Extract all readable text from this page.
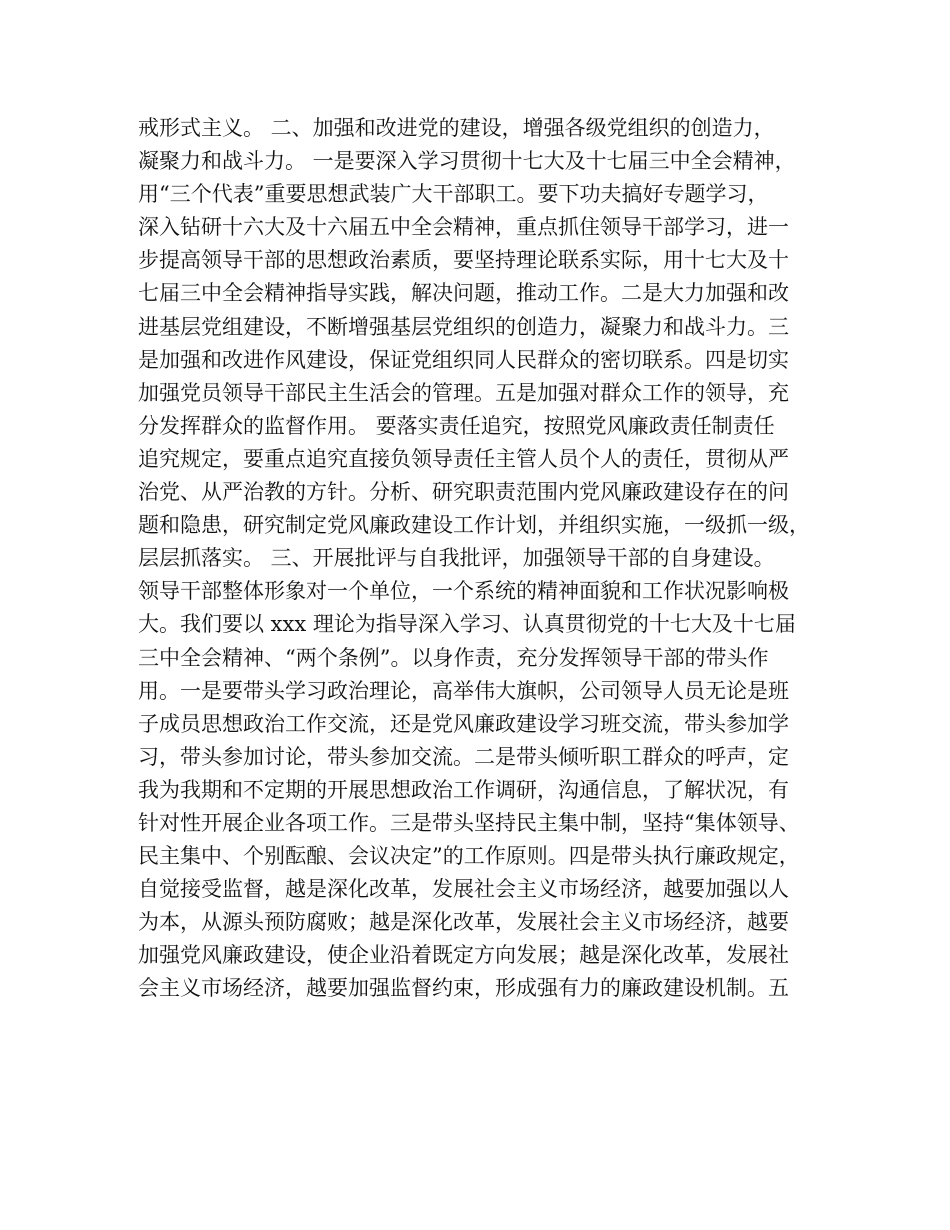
戒形式主义。 二、加强和改进党的建设，增强各级党组织的创造力，
凝聚力和战斗力。 一是要深入学习贯彻十七大及十七届三中全会精神，
用“三个代表”重要思想武装广大干部职工。要下功夫搞好专题学习，
深入钻研十六大及十六届五中全会精神，重点抓住领导干部学习，进一
步提高领导干部的思想政治素质，要坚持理论联系实际，用十七大及十
七届三中全会精神指导实践，解决问题，推动工作。二是大力加强和改
进基层党组建设，不断增强基层党组织的创造力，凝聚力和战斗力。三
是加强和改进作风建设，保证党组织同人民群众的密切联系。四是切实
加强党员领导干部民主生活会的管理。五是加强对群众工作的领导，充
分发挥群众的监督作用。 要落实责任追究，按照党风廉政责任制责任
追究规定，要重点追究直接负领导责任主管人员个人的责任，贯彻从严
治党、从严治教的方针。分析、研究职责范围内党风廉政建设存在的问
题和隐患，研究制定党风廉政建设工作计划，并组织实施，一级抓一级，
层层抓落实。 三、开展批评与自我批评，加强领导干部的自身建设。
领导干部整体形象对一个单位，一个系统的精神面貌和工作状况影响极
大。我们要以 xxx 理论为指导深入学习、认真贯彻党的十七大及十七届
三中全会精神、“两个条例”。以身作责，充分发挥领导干部的带头作
用。一是要带头学习政治理论，高举伟大旗帜，公司领导人员无论是班
子成员思想政治工作交流，还是党风廉政建设学习班交流，带头参加学
习，带头参加讨论，带头参加交流。二是带头倾听职工群众的呼声，定
我为我期和不定期的开展思想政治工作调研，沟通信息，了解状况，有
针对性开展企业各项工作。三是带头坚持民主集中制，坚持“集体领导、
民主集中、个别酝酿、会议决定”的工作原则。四是带头执行廉政规定，
自觉接受监督，越是深化改革，发展社会主义市场经济，越要加强以人
为本，从源头预防腐败；越是深化改革，发展社会主义市场经济，越要
加强党风廉政建设，使企业沿着既定方向发展；越是深化改革，发展社
会主义市场经济，越要加强监督约束，形成强有力的廉政建设机制。五
